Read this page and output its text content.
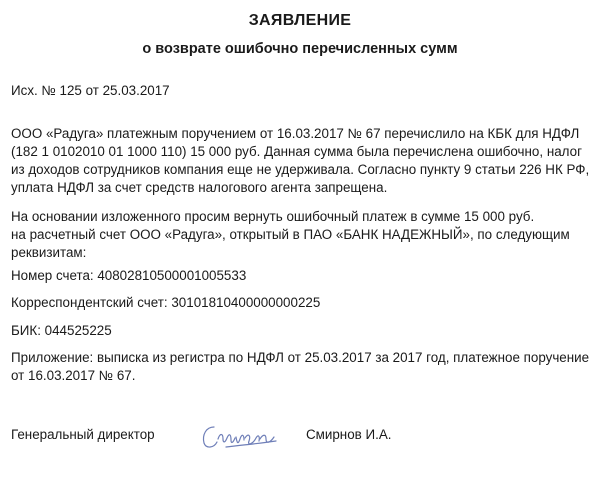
ЗАЯВЛЕНИЕ
о возврате ошибочно перечисленных сумм
Исх. № 125 от 25.03.2017
ООО «Радуга» платежным поручением от 16.03.2017 № 67 перечислило на КБК для НДФЛ
(182 1 0102010 01 1000 110) 15 000 руб. Данная сумма была перечислена ошибочно, налог
из доходов сотрудников компания еще не удерживала. Согласно пункту 9 статьи 226 НК РФ,
уплата НДФЛ за счет средств налогового агента запрещена.
На основании изложенного просим вернуть ошибочный платеж в сумме 15 000 руб.
на расчетный счет ООО «Радуга», открытый в ПАО «БАНК НАДЕЖНЫЙ», по следующим
реквизитам:
Номер счета: 40802810500001005533
Корреспондентский счет: 30101810400000000225
БИК: 044525225
Приложение: выписка из регистра по НДФЛ от 25.03.2017 за 2017 год, платежное поручение
от 16.03.2017 № 67.
Генеральный директор	Смирнов И.А.
